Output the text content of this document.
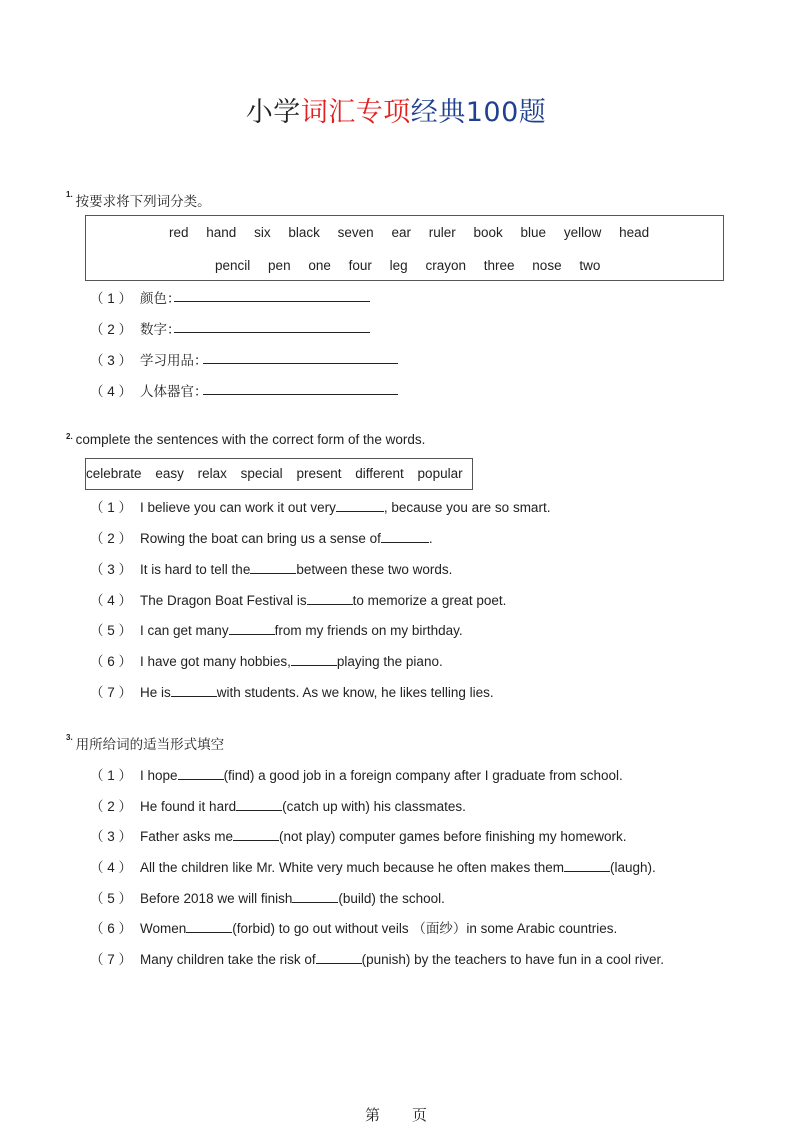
小学词汇专项经典100题
$^{1.}$ 按要求将下列词分类。
red hand six black seven ear ruler book blue yellow head
pencil pen one four leg crayon three nose two
（ 1 ） 颜色：
（ 2 ） 数字：
（ 3 ） 学习用品：
（ 4 ） 人体器官：
$^{2.}$ complete the sentences with the correct form of the words.
celebrate easy relax special present different popular
（ 1 ） I believe you can work it out very	, because you are so smart.
（ 2 ） Rowing the boat can bring us a sense of	.
（ 3 ） It is hard to tell the	between these two words.
（ 4 ） The Dragon Boat Festival is	to memorize a great poet.
（ 5 ） I can get many	from my friends on my birthday.
（ 6 ） I have got many hobbies,	playing the piano.
（ 7 ） He is	with students. As we know, he likes telling lies.
$^{3.}$ 用所给词的适当形式填空
（ 1 ） I hope	(find) a good job in a foreign company after I graduate from school.
（ 2 ） He found it hard	(catch up with) his classmates.
（ 3 ） Father asks me	(not play) computer games before finishing my homework.
（ 4 ） All the children like Mr. White very much because he often makes them	(laugh).
（ 5 ） Before 2018 we will finish	(build) the school.
（ 6 ） Women	(forbid) to go out without veils （面纱）in some Arabic countries.
（ 7 ） Many children take the risk of	(punish) by the teachers to have fun in a cool river.
第 页
